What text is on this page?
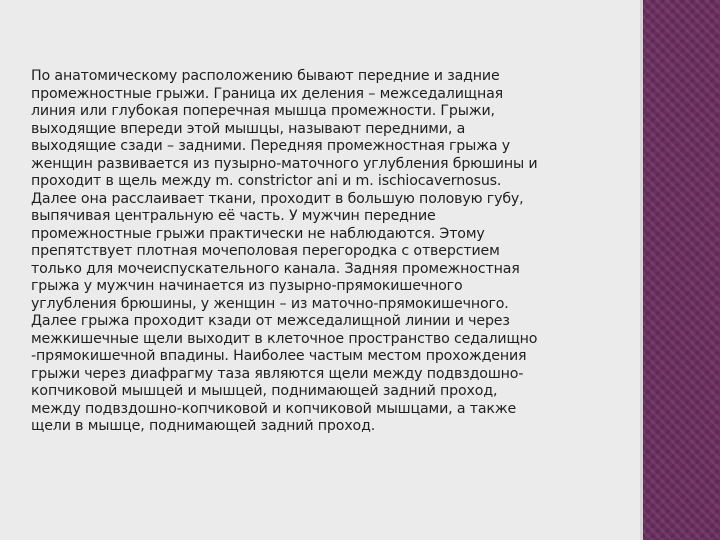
По анатомическому расположению бывают передние и задние
промежностные грыжи. Граница их деления – межседалищная
линия или глубокая поперечная мышца промежности. Грыжи,
выходящие впереди этой мышцы, называют передними, а
выходящие сзади – задними. Передняя промежностная грыжа у
женщин развивается из пузырно-маточного углубления брюшины и
проходит в щель между m. constrictor ani и m. ischiocavernosus.
Далее она расслаивает ткани, проходит в большую половую губу,
выпячивая центральную её часть. У мужчин передние
промежностные грыжи практически не наблюдаются. Этому
препятствует плотная мочеполовая перегородка с отверстием
только для мочеиспускательного канала. Задняя промежностная
грыжа у мужчин начинается из пузырно-прямокишечного
углубления брюшины, у женщин – из маточно-прямокишечного.
Далее грыжа проходит кзади от межседалищной линии и через
межкишечные щели выходит в клеточное пространство седалищно
-прямокишечной впадины. Наиболее частым местом прохождения
грыжи через диафрагму таза являются щели между подвздошно-
копчиковой мышцей и мышцей, поднимающей задний проход,
между подвздошно-копчиковой и копчиковой мышцами, а также
щели в мышце, поднимающей задний проход.
